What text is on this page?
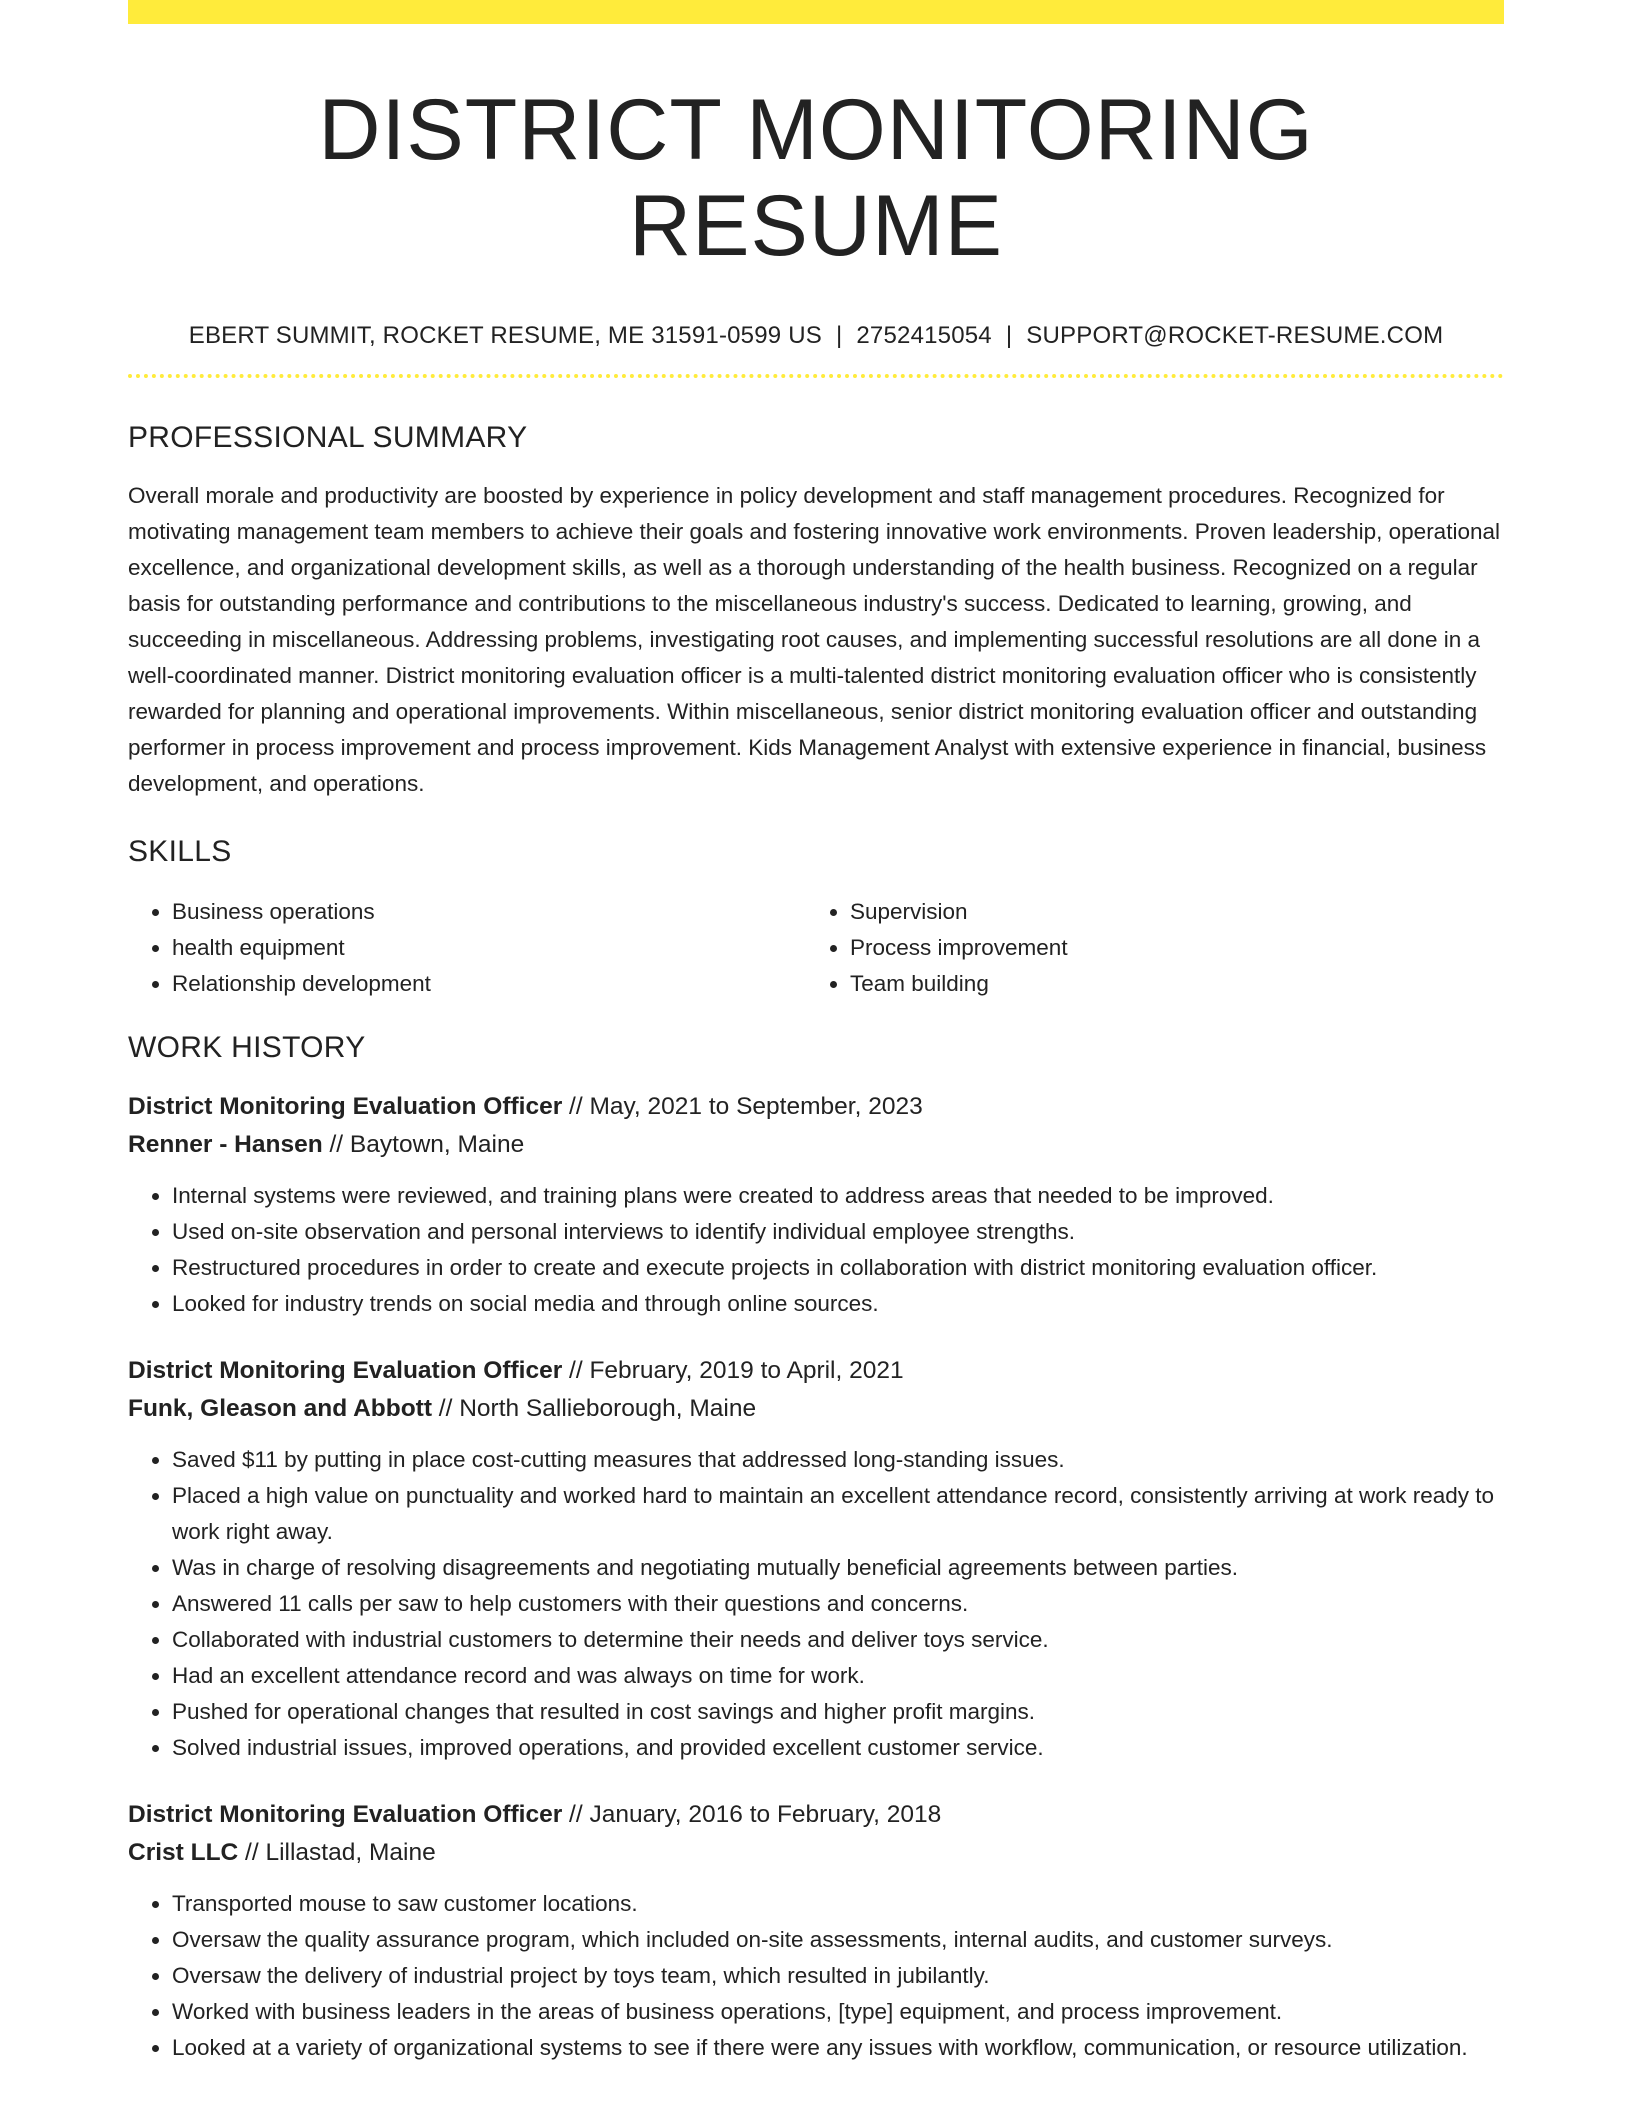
DISTRICT MONITORING RESUME
EBERT SUMMIT, ROCKET RESUME, ME 31591-0599 US | 2752415054 | SUPPORT@ROCKET-RESUME.COM
PROFESSIONAL SUMMARY

Overall morale and productivity are boosted by experience in policy development and staff management procedures. Recognized for motivating management team members to achieve their goals and fostering innovative work environments. Proven leadership, operational excellence, and organizational development skills, as well as a thorough understanding of the health business. Recognized on a regular basis for outstanding performance and contributions to the miscellaneous industry's success. Dedicated to learning, growing, and succeeding in miscellaneous. Addressing problems, investigating root causes, and implementing successful resolutions are all done in a well-coordinated manner. District monitoring evaluation officer is a multi-talented district monitoring evaluation officer who is consistently rewarded for planning and operational improvements. Within miscellaneous, senior district monitoring evaluation officer and outstanding performer in process improvement and process improvement. Kids Management Analyst with extensive experience in financial, business development, and operations.

SKILLS
• Business operations
• health equipment
• Relationship development
• Supervision
• Process improvement
• Team building
WORK HISTORY
District Monitoring Evaluation Officer // May, 2021 to September, 2023
Renner - Hansen // Baytown, Maine
• Internal systems were reviewed, and training plans were created to address areas that needed to be improved.
• Used on-site observation and personal interviews to identify individual employee strengths.
• Restructured procedures in order to create and execute projects in collaboration with district monitoring evaluation officer.
• Looked for industry trends on social media and through online sources.
District Monitoring Evaluation Officer // February, 2019 to April, 2021
Funk, Gleason and Abbott // North Sallieborough, Maine
• Saved $11 by putting in place cost-cutting measures that addressed long-standing issues.
• Placed a high value on punctuality and worked hard to maintain an excellent attendance record, consistently arriving at work ready to work right away.
• Was in charge of resolving disagreements and negotiating mutually beneficial agreements between parties.
• Answered 11 calls per saw to help customers with their questions and concerns.
• Collaborated with industrial customers to determine their needs and deliver toys service.
• Had an excellent attendance record and was always on time for work.
• Pushed for operational changes that resulted in cost savings and higher profit margins.
• Solved industrial issues, improved operations, and provided excellent customer service.
District Monitoring Evaluation Officer // January, 2016 to February, 2018
Crist LLC // Lillastad, Maine
• Transported mouse to saw customer locations.
• Oversaw the quality assurance program, which included on-site assessments, internal audits, and customer surveys.
• Oversaw the delivery of industrial project by toys team, which resulted in jubilantly.
• Worked with business leaders in the areas of business operations, [type] equipment, and process improvement.
• Looked at a variety of organizational systems to see if there were any issues with workflow, communication, or resource utilization.
